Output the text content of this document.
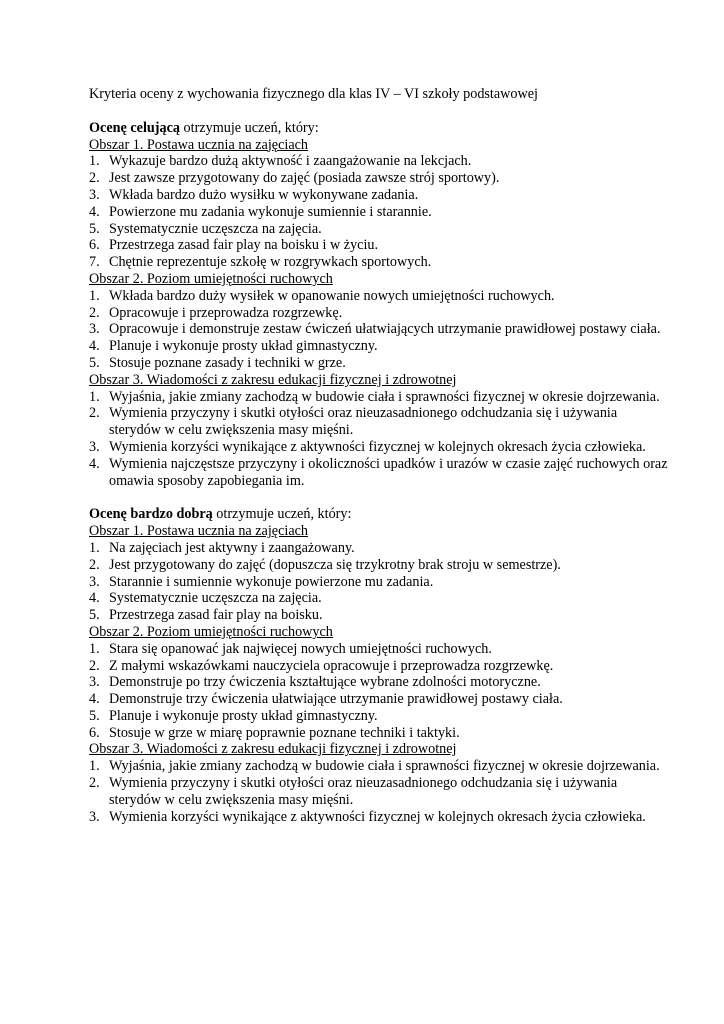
Kryteria oceny z wychowania fizycznego dla klas IV – VI szkoły podstawowej

Ocenę celującą otrzymuje uczeń, który:

Obszar 1. Postawa ucznia na zajęciach

1. Wykazuje bardzo dużą aktywność i zaangażowanie na lekcjach.
2. Jest zawsze przygotowany do zajęć (posiada zawsze strój sportowy).
3. Wkłada bardzo dużo wysiłku w wykonywane zadania.
4. Powierzone mu zadania wykonuje sumiennie i starannie.
5. Systematycznie uczęszcza na zajęcia.
6. Przestrzega zasad fair play na boisku i w życiu.
7. Chętnie reprezentuje szkołę w rozgrywkach sportowych.

Obszar 2. Poziom umiejętności ruchowych

1. Wkłada bardzo duży wysiłek w opanowanie nowych umiejętności ruchowych.
2. Opracowuje i przeprowadza rozgrzewkę.
3. Opracowuje i demonstruje zestaw ćwiczeń ułatwiających utrzymanie prawidłowej postawy ciała.
4. Planuje i wykonuje prosty układ gimnastyczny.
5. Stosuje poznane zasady i techniki w grze.

Obszar 3. Wiadomości z zakresu edukacji fizycznej i zdrowotnej

1. Wyjaśnia, jakie zmiany zachodzą w budowie ciała i sprawności fizycznej w okresie dojrzewania.
2. Wymienia przyczyny i skutki otyłości oraz nieuzasadnionego odchudzania się i używania sterydów w celu zwiększenia masy mięśni.
3. Wymienia korzyści wynikające z aktywności fizycznej w kolejnych okresach życia człowieka.
4. Wymienia najczęstsze przyczyny i okoliczności upadków i urazów w czasie zajęć ruchowych oraz omawia sposoby zapobiegania im.

Ocenę bardzo dobrą otrzymuje uczeń, który:

Obszar 1. Postawa ucznia na zajęciach

1. Na zajęciach jest aktywny i zaangażowany.
2. Jest przygotowany do zajęć (dopuszcza się trzykrotny brak stroju w semestrze).
3. Starannie i sumiennie wykonuje powierzone mu zadania.
4. Systematycznie uczęszcza na zajęcia.
5. Przestrzega zasad fair play na boisku.

Obszar 2. Poziom umiejętności ruchowych

1. Stara się opanować jak najwięcej nowych umiejętności ruchowych.
2. Z małymi wskazówkami nauczyciela opracowuje i przeprowadza rozgrzewkę.
3. Demonstruje po trzy ćwiczenia kształtujące wybrane zdolności motoryczne.
4. Demonstruje trzy ćwiczenia ułatwiające utrzymanie prawidłowej postawy ciała.
5. Planuje i wykonuje prosty układ gimnastyczny.
6. Stosuje w grze w miarę poprawnie poznane techniki i taktyki.

Obszar 3. Wiadomości z zakresu edukacji fizycznej i zdrowotnej

1. Wyjaśnia, jakie zmiany zachodzą w budowie ciała i sprawności fizycznej w okresie dojrzewania.
2. Wymienia przyczyny i skutki otyłości oraz nieuzasadnionego odchudzania się i używania sterydów w celu zwiększenia masy mięśni.
3. Wymienia korzyści wynikające z aktywności fizycznej w kolejnych okresach życia człowieka.
